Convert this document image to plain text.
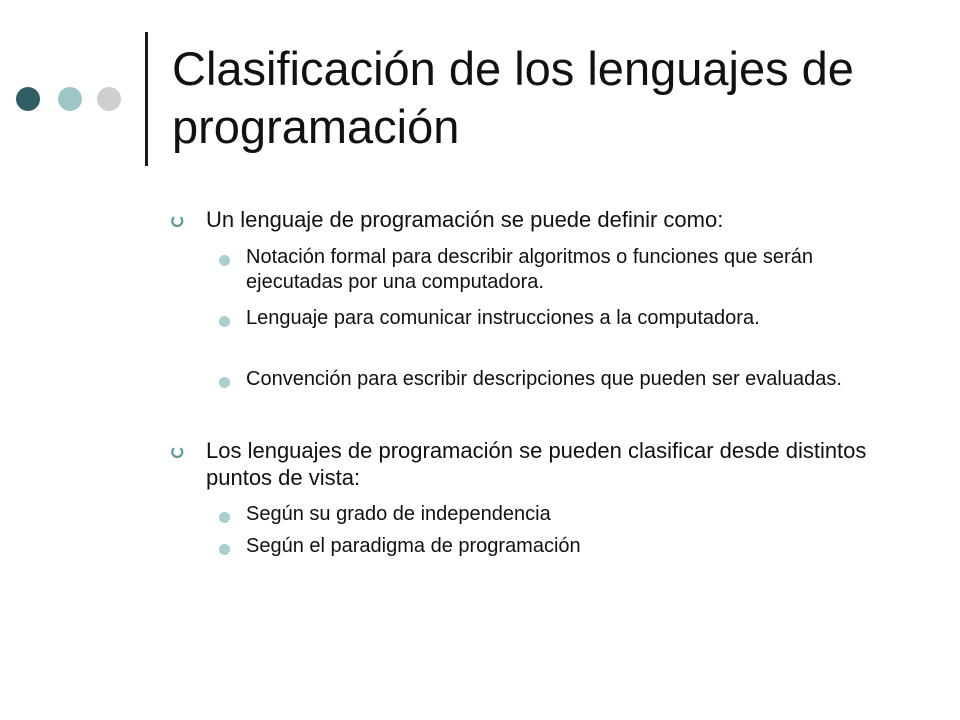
Clasificación de los lenguajes de programación
Un lenguaje de programación se puede definir como:
Notación formal para describir algoritmos o funciones que serán ejecutadas por una computadora.
Lenguaje para comunicar instrucciones a la computadora.
Convención para escribir descripciones que pueden ser evaluadas.
Los lenguajes de programación se pueden clasificar desde distintos puntos de vista:
Según su grado de independencia
Según el paradigma de programación
